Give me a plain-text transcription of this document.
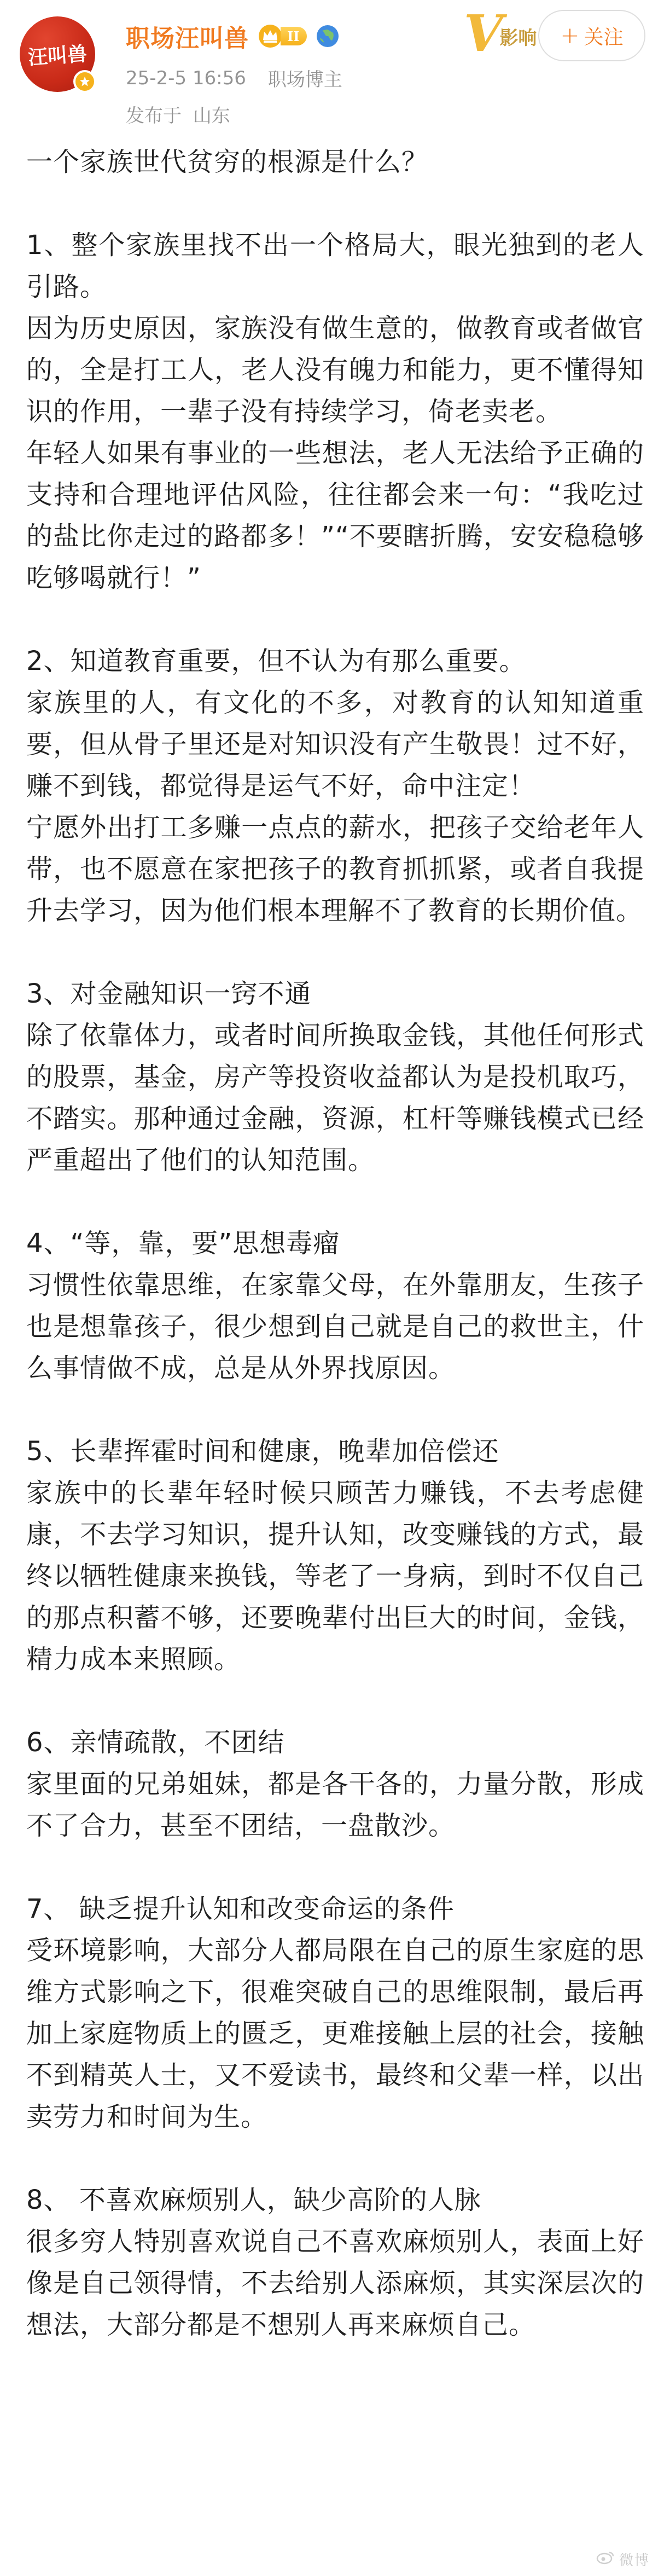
汪叫兽
职场汪叫兽	II
25-2-5 16:56 职场博主
发布于 山东
V
影响 + 关注

一个家族世代贫穷的根源是什么？

1、整个家族里找不出一个格局大，眼光独到的老人引路。

因为历史原因，家族没有做生意的，做教育或者做官的，全是打工人，老人没有魄力和能力，更不懂得知识的作用，一辈子没有持续学习，倚老卖老。

年轻人如果有事业的一些想法，老人无法给予正确的支持和合理地评估风险，往往都会来一句：“我吃过的盐比你走过的路都多！”“不要瞎折腾，安安稳稳够吃够喝就行！”

2、知道教育重要，但不认为有那么重要。

家族里的人，有文化的不多，对教育的认知知道重要，但从骨子里还是对知识没有产生敬畏！过不好，赚不到钱，都觉得是运气不好，命中注定！

宁愿外出打工多赚一点点的薪水，把孩子交给老年人带，也不愿意在家把孩子的教育抓抓紧，或者自我提升去学习，因为他们根本理解不了教育的长期价值。

3、对金融知识一窍不通

除了依靠体力，或者时间所换取金钱，其他任何形式的股票，基金，房产等投资收益都认为是投机取巧，不踏实。那种通过金融，资源，杠杆等赚钱模式已经严重超出了他们的认知范围。

4、“等，靠，要”思想毒瘤

习惯性依靠思维，在家靠父母，在外靠朋友，生孩子也是想靠孩子，很少想到自己就是自己的救世主，什么事情做不成，总是从外界找原因。

5、长辈挥霍时间和健康，晚辈加倍偿还

家族中的长辈年轻时候只顾苦力赚钱，不去考虑健康，不去学习知识，提升认知，改变赚钱的方式，最终以牺牲健康来换钱，等老了一身病，到时不仅自己的那点积蓄不够，还要晚辈付出巨大的时间，金钱，精力成本来照顾。

6、亲情疏散，不团结

家里面的兄弟姐妹，都是各干各的，力量分散，形成不了合力，甚至不团结，一盘散沙。

7、 缺乏提升认知和改变命运的条件

受环境影响，大部分人都局限在自己的原生家庭的思维方式影响之下，很难突破自己的思维限制，最后再加上家庭物质上的匮乏，更难接触上层的社会，接触不到精英人士，又不爱读书，最终和父辈一样，以出卖劳力和时间为生。

8、 不喜欢麻烦别人，缺少高阶的人脉

很多穷人特别喜欢说自己不喜欢麻烦别人，表面上好像是自己领得情，不去给别人添麻烦，其实深层次的想法，大部分都是不想别人再来麻烦自己。

微博
